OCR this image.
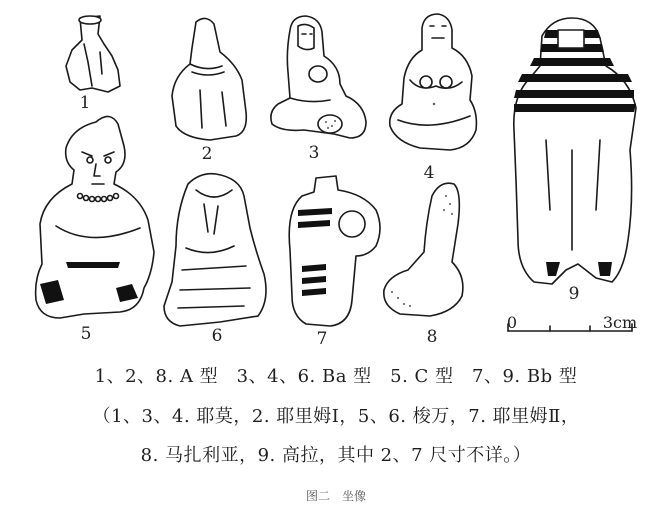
1
2	3
4
9
5	6	7	8
0	3cm
1、2、8. A 型　3、4、6. Ba 型　5. C 型　7、9. Bb 型
（1、3、4. 耶莫，2. 耶里姆Ⅰ，5、6. 梭万，7. 耶里姆Ⅱ，
8. 马扎利亚，9. 高拉，其中 2、7 尺寸不详。）
图二 坐像
